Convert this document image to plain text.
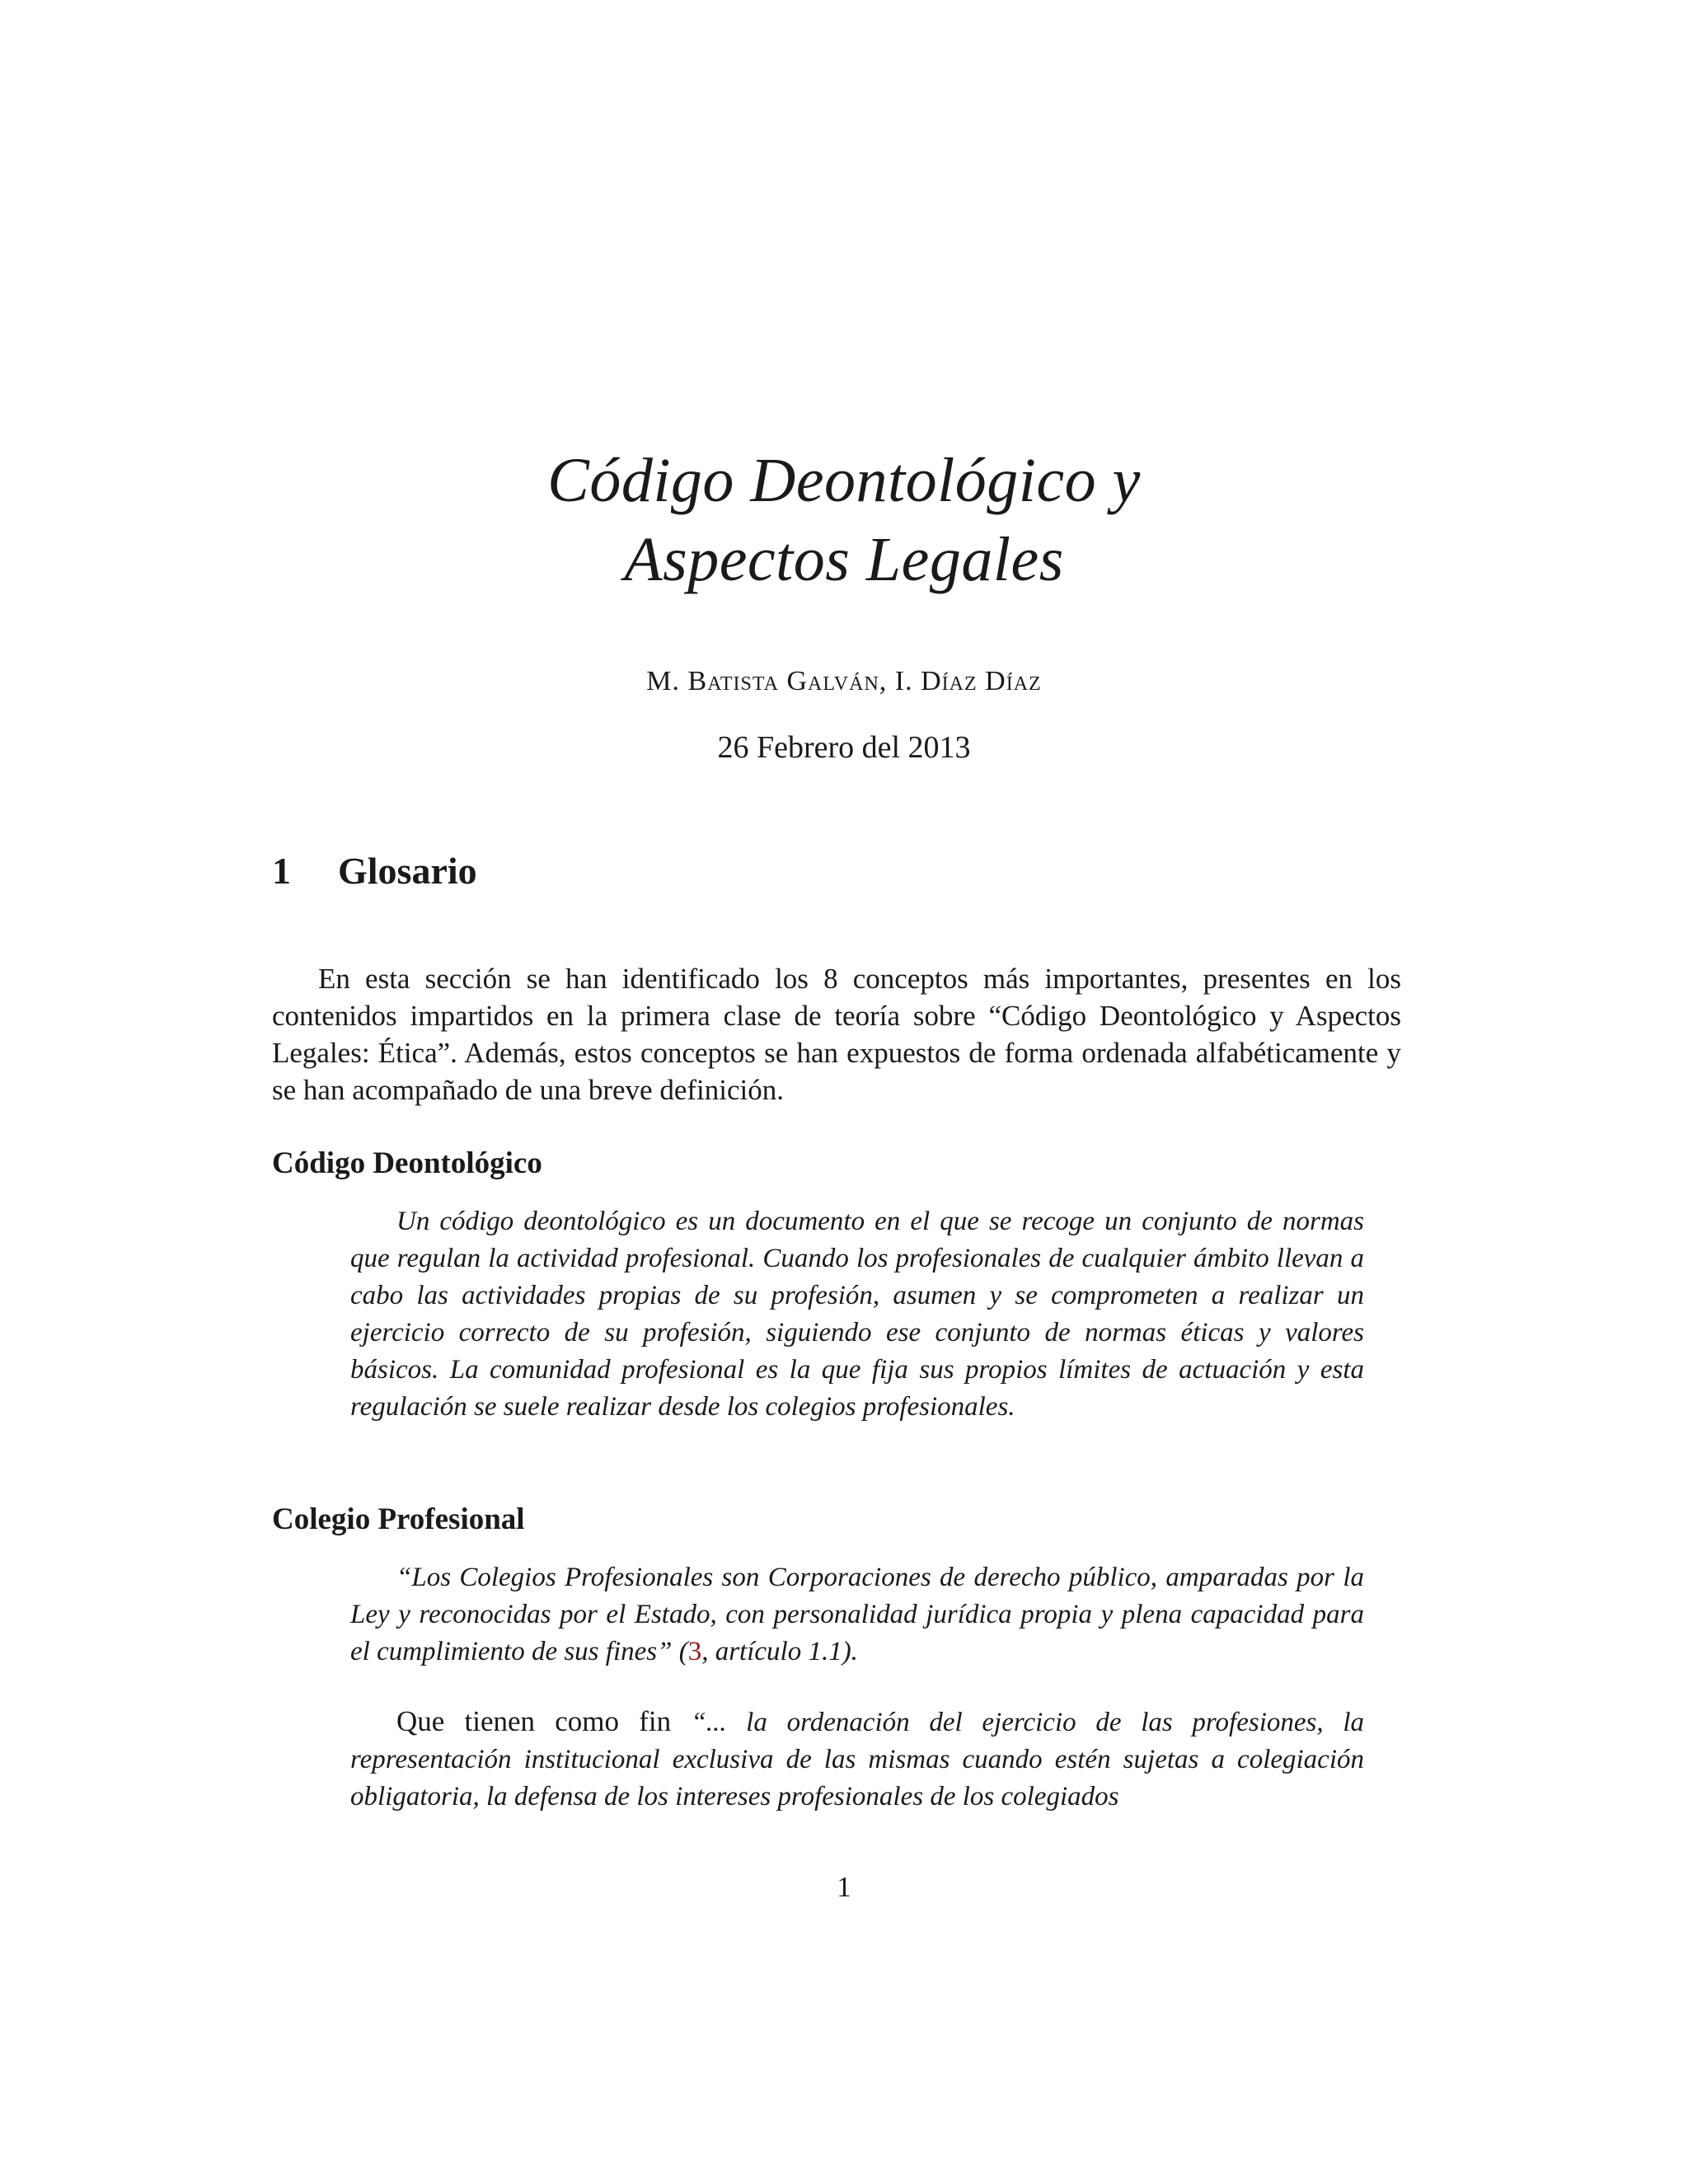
Código Deontológico y
Aspectos Legales
M. Batista Galván, I. Díaz Díaz
26 Febrero del 2013
1 Glosario
En esta sección se han identificado los 8 conceptos más importantes, presentes en los contenidos impartidos en la primera clase de teoría sobre “Código Deontológico y Aspectos Legales: Ética”. Además, estos conceptos se han expuestos de forma ordenada alfabéticamente y se han acompañado de una breve definición.
Código Deontológico
Un código deontológico es un documento en el que se recoge un conjunto de normas que regulan la actividad profesional. Cuando los profesionales de cualquier ámbito llevan a cabo las actividades propias de su profesión, asumen y se comprometen a realizar un ejercicio correcto de su profesión, siguiendo ese conjunto de normas éticas y valores básicos. La comunidad profesional es la que fija sus propios límites de actuación y esta regulación se suele realizar desde los colegios profesionales.
Colegio Profesional
“Los Colegios Profesionales son Corporaciones de derecho público, amparadas por la Ley y reconocidas por el Estado, con personalidad jurídica propia y plena capacidad para el cumplimiento de sus fines” (3, artículo 1.1).
Que tienen como fin “... la ordenación del ejercicio de las profesiones, la representación institucional exclusiva de las mismas cuando estén sujetas a colegiación obligatoria, la defensa de los intereses profesionales de los colegiados
1
